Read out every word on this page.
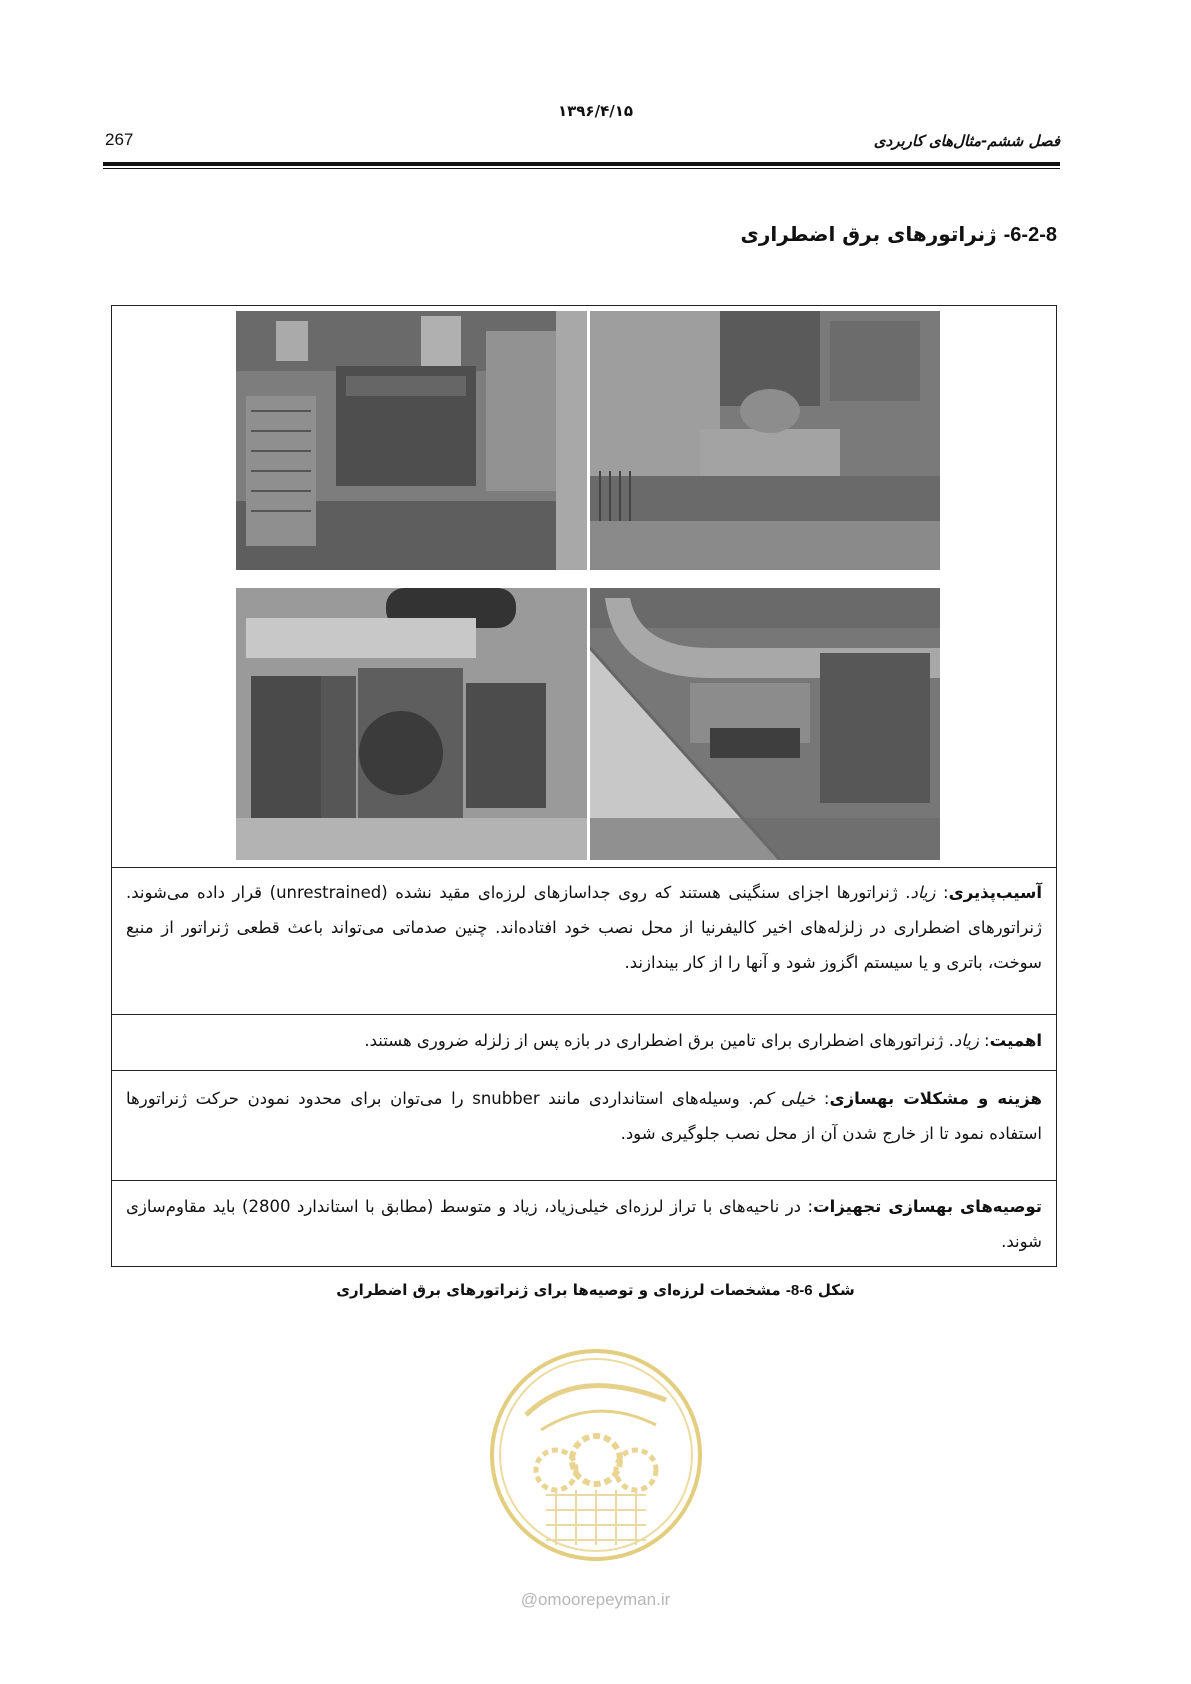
۱۳۹۶/۴/۱۵
267	فصل ششم-مثال‌های کاربردی
6-2-8- ژنراتورهای برق اضطراری
آسیب‌پذیری: زیاد. ژنراتورها اجزای سنگینی هستند که روی جداسازهای لرزه‌ای مقید نشده (unrestrained) قرار داده می‌شوند. ژنراتورهای اضطراری در زلزله‌های اخیر کالیفرنیا از محل نصب خود افتاده‌اند. چنین صدماتی می‌تواند باعث قطعی ژنراتور از منبع سوخت، باتری و یا سیستم اگزوز شود و آنها را از کار بیندازند.
اهمیت: زیاد. ژنراتورهای اضطراری برای تامین برق اضطراری در بازه پس از زلزله ضروری هستند.
هزینه و مشکلات بهسازی: خیلی کم. وسیله‌های استانداردی مانند snubber را می‌توان برای محدود نمودن حرکت ژنراتورها استفاده نمود تا از خارج شدن آن از محل نصب جلوگیری شود.
توصیه‌های بهسازی تجهیزات: در ناحیه‌های با تراز لرزه‌ای خیلی‌زیاد، زیاد و متوسط (مطابق با استاندارد 2800) باید مقاوم‌سازی شوند.
شکل 6-8- مشخصات لرزه‌ای و توصیه‌ها برای ژنراتورهای برق اضطراری
@omoorepeyman.ir
